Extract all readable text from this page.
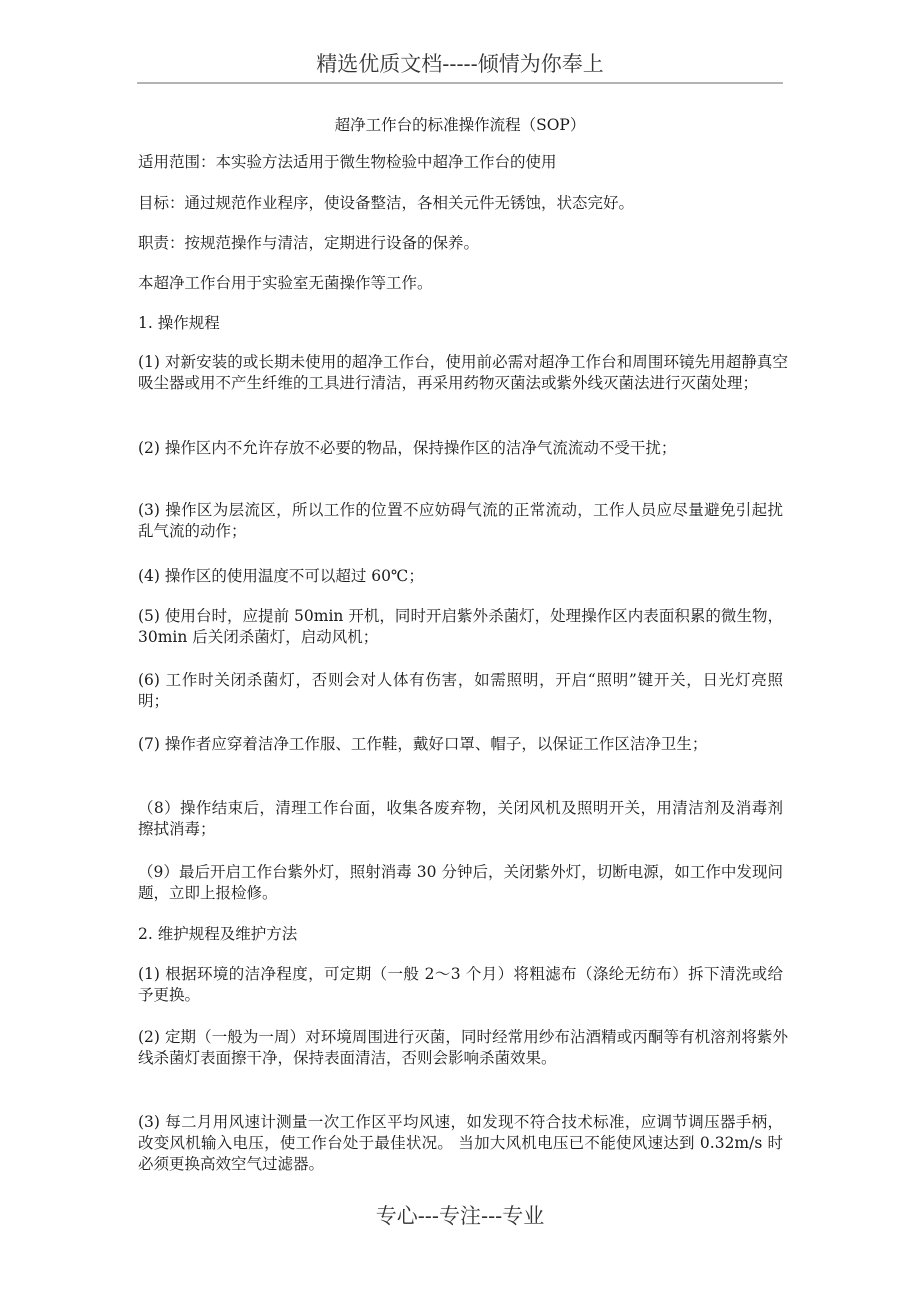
精选优质文档-----倾情为你奉上
超净工作台的标准操作流程（SOP）
适用范围：本实验方法适用于微生物检验中超净工作台的使用
目标：通过规范作业程序，使设备整洁，各相关元件无锈蚀，状态完好。
职责：按规范操作与清洁，定期进行设备的保养。
本超净工作台用于实验室无菌操作等工作。
1. 操作规程
(1) 对新安装的或长期未使用的超净工作台，使用前必需对超净工作台和周围环镜先用超静真空吸尘器或用不产生纤维的工具进行清洁，再采用药物灭菌法或紫外线灭菌法进行灭菌处理；
(2) 操作区内不允许存放不必要的物品，保持操作区的洁净气流流动不受干扰；
(3) 操作区为层流区，所以工作的位置不应妨碍气流的正常流动，工作人员应尽量避免引起扰乱气流的动作；
(4) 操作区的使用温度不可以超过 60℃；
(5) 使用台时，应提前 50min 开机，同时开启紫外杀菌灯，处理操作区内表面积累的微生物，30min 后关闭杀菌灯，启动风机；
(6) 工作时关闭杀菌灯，否则会对人体有伤害，如需照明，开启“照明”键开关，日光灯亮照明；
(7) 操作者应穿着洁净工作服、工作鞋，戴好口罩、帽子，以保证工作区洁净卫生；
（8）操作结束后，清理工作台面，收集各废弃物，关闭风机及照明开关，用清洁剂及消毒剂擦拭消毒；
（9）最后开启工作台紫外灯，照射消毒 30 分钟后，关闭紫外灯，切断电源，如工作中发现问题，立即上报检修。
2. 维护规程及维护方法
(1) 根据环境的洁净程度，可定期（一般 2～3 个月）将粗滤布（涤纶无纺布）拆下清洗或给予更换。
(2) 定期（一般为一周）对环境周围进行灭菌，同时经常用纱布沾酒精或丙酮等有机溶剂将紫外线杀菌灯表面擦干净，保持表面清洁，否则会影响杀菌效果。
(3) 每二月用风速计测量一次工作区平均风速，如发现不符合技术标准，应调节调压器手柄，改变风机输入电压，使工作台处于最佳状况。 当加大风机电压已不能使风速达到 0.32m/s 时必须更换高效空气过滤器。
专心---专注---专业
